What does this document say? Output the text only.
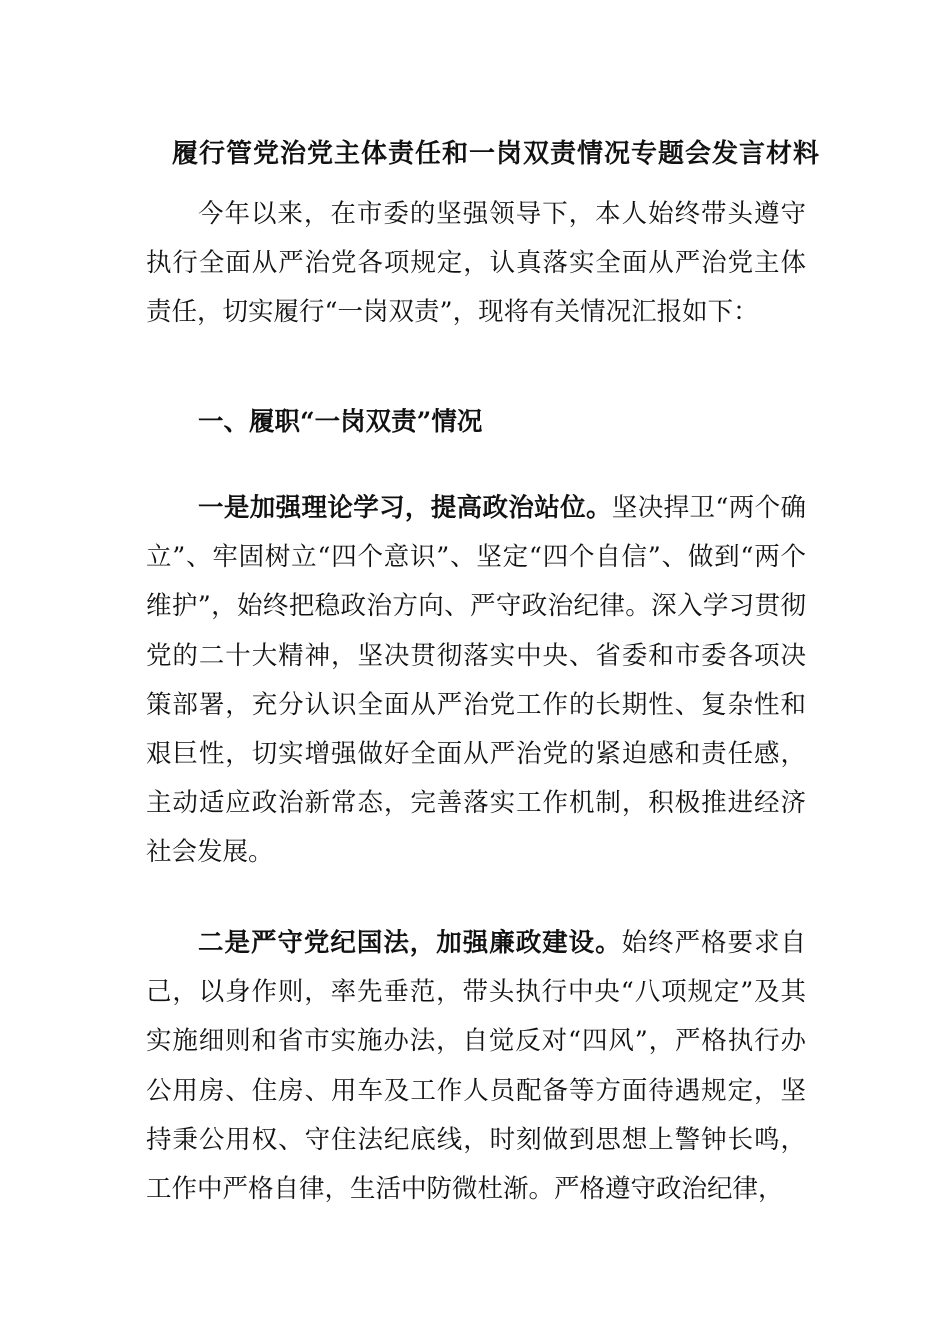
履行管党治党主体责任和一岗双责情况专题会发言材料

今年以来，在市委的坚强领导下，本人始终带头遵守执行全面从严治党各项规定，认真落实全面从严治党主体责任，切实履行“一岗双责”，现将有关情况汇报如下：

一、履职“一岗双责”情况

一是加强理论学习，提高政治站位。坚决捍卫“两个确立”、牢固树立“四个意识”、坚定“四个自信”、做到“两个维护”，始终把稳政治方向、严守政治纪律。深入学习贯彻党的二十大精神，坚决贯彻落实中央、省委和市委各项决策部署，充分认识全面从严治党工作的长期性、复杂性和艰巨性，切实增强做好全面从严治党的紧迫感和责任感，主动适应政治新常态，完善落实工作机制，积极推进经济社会发展。

二是严守党纪国法，加强廉政建设。始终严格要求自己，以身作则，率先垂范，带头执行中央“八项规定”及其实施细则和省市实施办法，自觉反对“四风”，严格执行办公用房、住房、用车及工作人员配备等方面待遇规定，坚持秉公用权、守住法纪底线，时刻做到思想上警钟长鸣，工作中严格自律，生活中防微杜渐。严格遵守政治纪律，
